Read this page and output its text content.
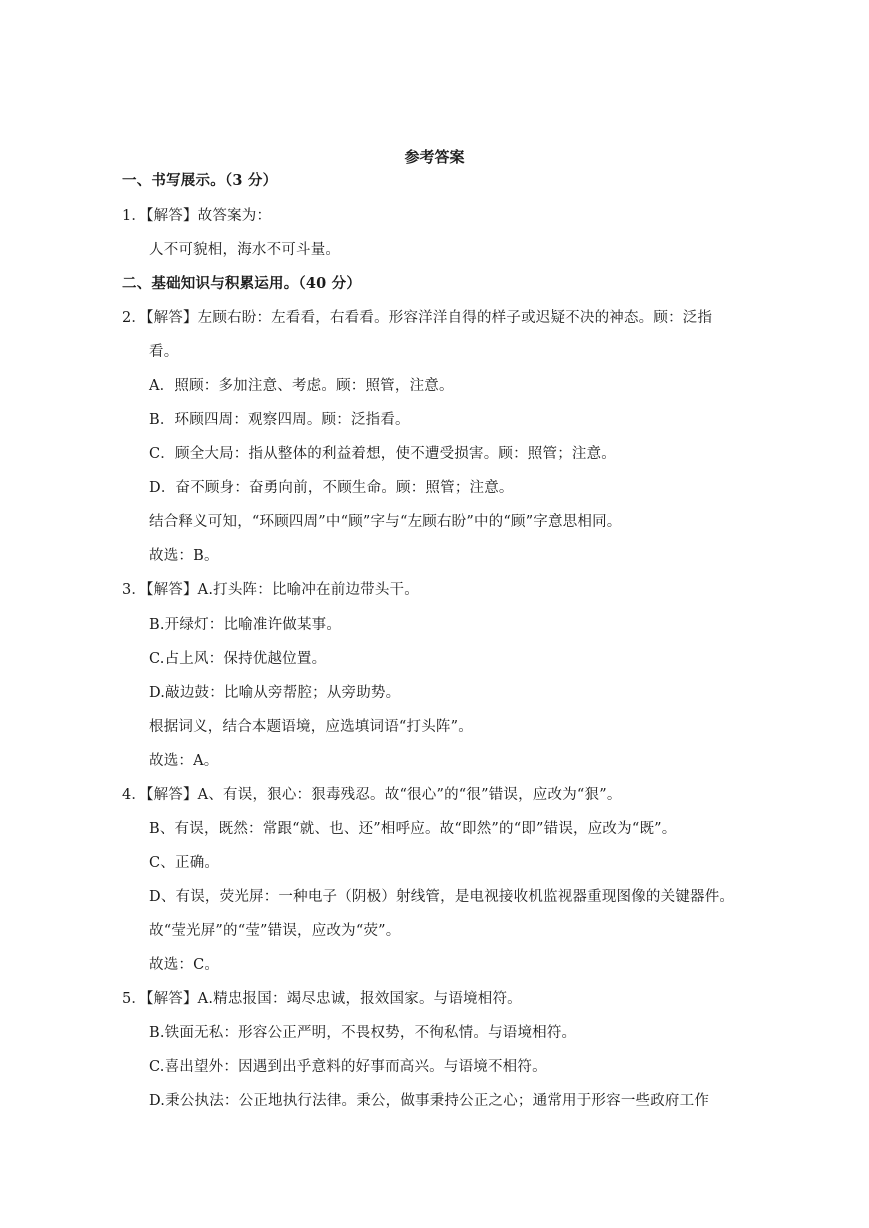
参考答案
一、书写展示。（3 分）
1．【解答】故答案为：
人不可貌相，海水不可斗量。
二、基础知识与积累运用。（40 分）
2．【解答】左顾右盼：左看看，右看看。形容洋洋自得的样子或迟疑不决的神态。顾：泛指
看。
A．照顾：多加注意、考虑。顾：照管，注意。
B．环顾四周：观察四周。顾：泛指看。
C．顾全大局：指从整体的利益着想，使不遭受损害。顾：照管；注意。
D．奋不顾身：奋勇向前，不顾生命。顾：照管；注意。
结合释义可知，“环顾四周”中“顾”字与“左顾右盼”中的“顾”字意思相同。
故选：B。
3．【解答】A.打头阵：比喻冲在前边带头干。
B.开绿灯：比喻准许做某事。
C.占上风：保持优越位置。
D.敲边鼓：比喻从旁帮腔；从旁助势。
根据词义，结合本题语境，应选填词语“打头阵”。
故选：A。
4．【解答】A、有误，狠心：狠毒残忍。故“很心”的“很”错误，应改为“狠”。
B、有误，既然：常跟“就、也、还”相呼应。故“即然”的“即”错误，应改为“既”。
C、正确。
D、有误，荧光屏：一种电子（阴极）射线管，是电视接收机监视器重现图像的关键器件。
故“莹光屏”的“莹”错误，应改为“荧”。
故选：C。
5．【解答】A.精忠报国：竭尽忠诚，报效国家。与语境相符。
B.铁面无私：形容公正严明，不畏权势，不徇私情。与语境相符。
C.喜出望外：因遇到出乎意料的好事而高兴。与语境不相符。
D.秉公执法：公正地执行法律。秉公，做事秉持公正之心；通常用于形容一些政府工作
